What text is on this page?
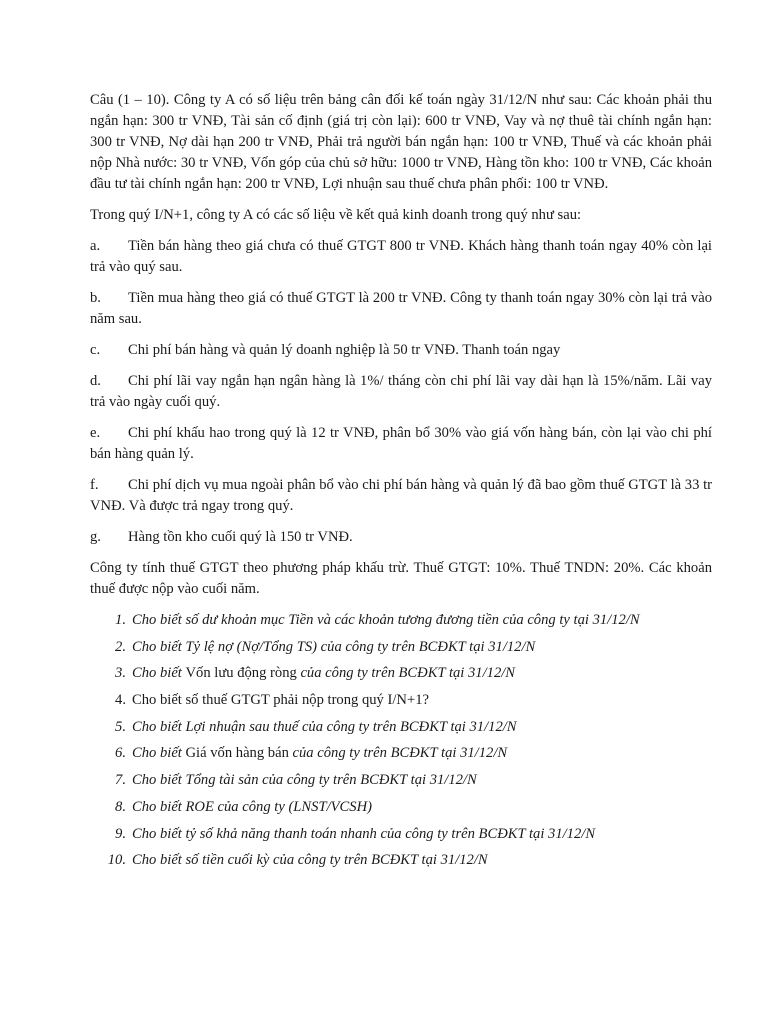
Câu (1 – 10). Công ty A có số liệu trên bảng cân đối kế toán ngày 31/12/N như sau: Các khoản phải thu ngắn hạn: 300 tr VNĐ, Tài sản cố định (giá trị còn lại): 600 tr VNĐ, Vay và nợ thuê tài chính ngắn hạn: 300 tr VNĐ, Nợ dài hạn 200 tr VNĐ, Phải trả người bán ngắn hạn: 100 tr VNĐ, Thuế và các khoản phải nộp Nhà nước: 30 tr VNĐ, Vốn góp của chủ sở hữu: 1000 tr VNĐ, Hàng tồn kho: 100 tr VNĐ, Các khoản đầu tư tài chính ngắn hạn: 200 tr VNĐ, Lợi nhuận sau thuế chưa phân phối: 100 tr VNĐ.

Trong quý I/N+1, công ty A có các số liệu về kết quả kinh doanh trong quý như sau:

a. Tiền bán hàng theo giá chưa có thuế GTGT 800 tr VNĐ. Khách hàng thanh toán ngay 40% còn lại trả vào quý sau.
b. Tiền mua hàng theo giá có thuế GTGT là 200 tr VNĐ. Công ty thanh toán ngay 30% còn lại trả vào năm sau.
c. Chi phí bán hàng và quản lý doanh nghiệp là 50 tr VNĐ. Thanh toán ngay
d. Chi phí lãi vay ngắn hạn ngân hàng là 1%/ tháng còn chi phí lãi vay dài hạn là 15%/năm. Lãi vay trả vào ngày cuối quý.
e. Chi phí khấu hao trong quý là 12 tr VNĐ, phân bổ 30% vào giá vốn hàng bán, còn lại vào chi phí bán hàng quản lý.
f. Chi phí dịch vụ mua ngoài phân bổ vào chi phí bán hàng và quản lý đã bao gồm thuế GTGT là 33 tr VNĐ. Và được trả ngay trong quý.
g. Hàng tồn kho cuối quý là 150 tr VNĐ.

Công ty tính thuế GTGT theo phương pháp khấu trừ. Thuế GTGT: 10%. Thuế TNDN: 20%. Các khoản thuế được nộp vào cuối năm.

1. Cho biết số dư khoản mục Tiền và các khoản tương đương tiền của công ty tại 31/12/N
2. Cho biết Tỷ lệ nợ (Nợ/Tổng TS) của công ty trên BCĐKT tại 31/12/N
3. Cho biết Vốn lưu động ròng của công ty trên BCĐKT tại 31/12/N
4. Cho biết số thuế GTGT phải nộp trong quý I/N+1?
5. Cho biết Lợi nhuận sau thuế của công ty trên BCĐKT tại 31/12/N
6. Cho biết Giá vốn hàng bán của công ty trên BCĐKT tại 31/12/N
7. Cho biết Tổng tài sản của công ty trên BCĐKT tại 31/12/N
8. Cho biết ROE của công ty (LNST/VCSH)
9. Cho biết tỷ số khả năng thanh toán nhanh của công ty trên BCĐKT tại 31/12/N
10. Cho biết số tiền cuối kỳ của công ty trên BCĐKT tại 31/12/N
